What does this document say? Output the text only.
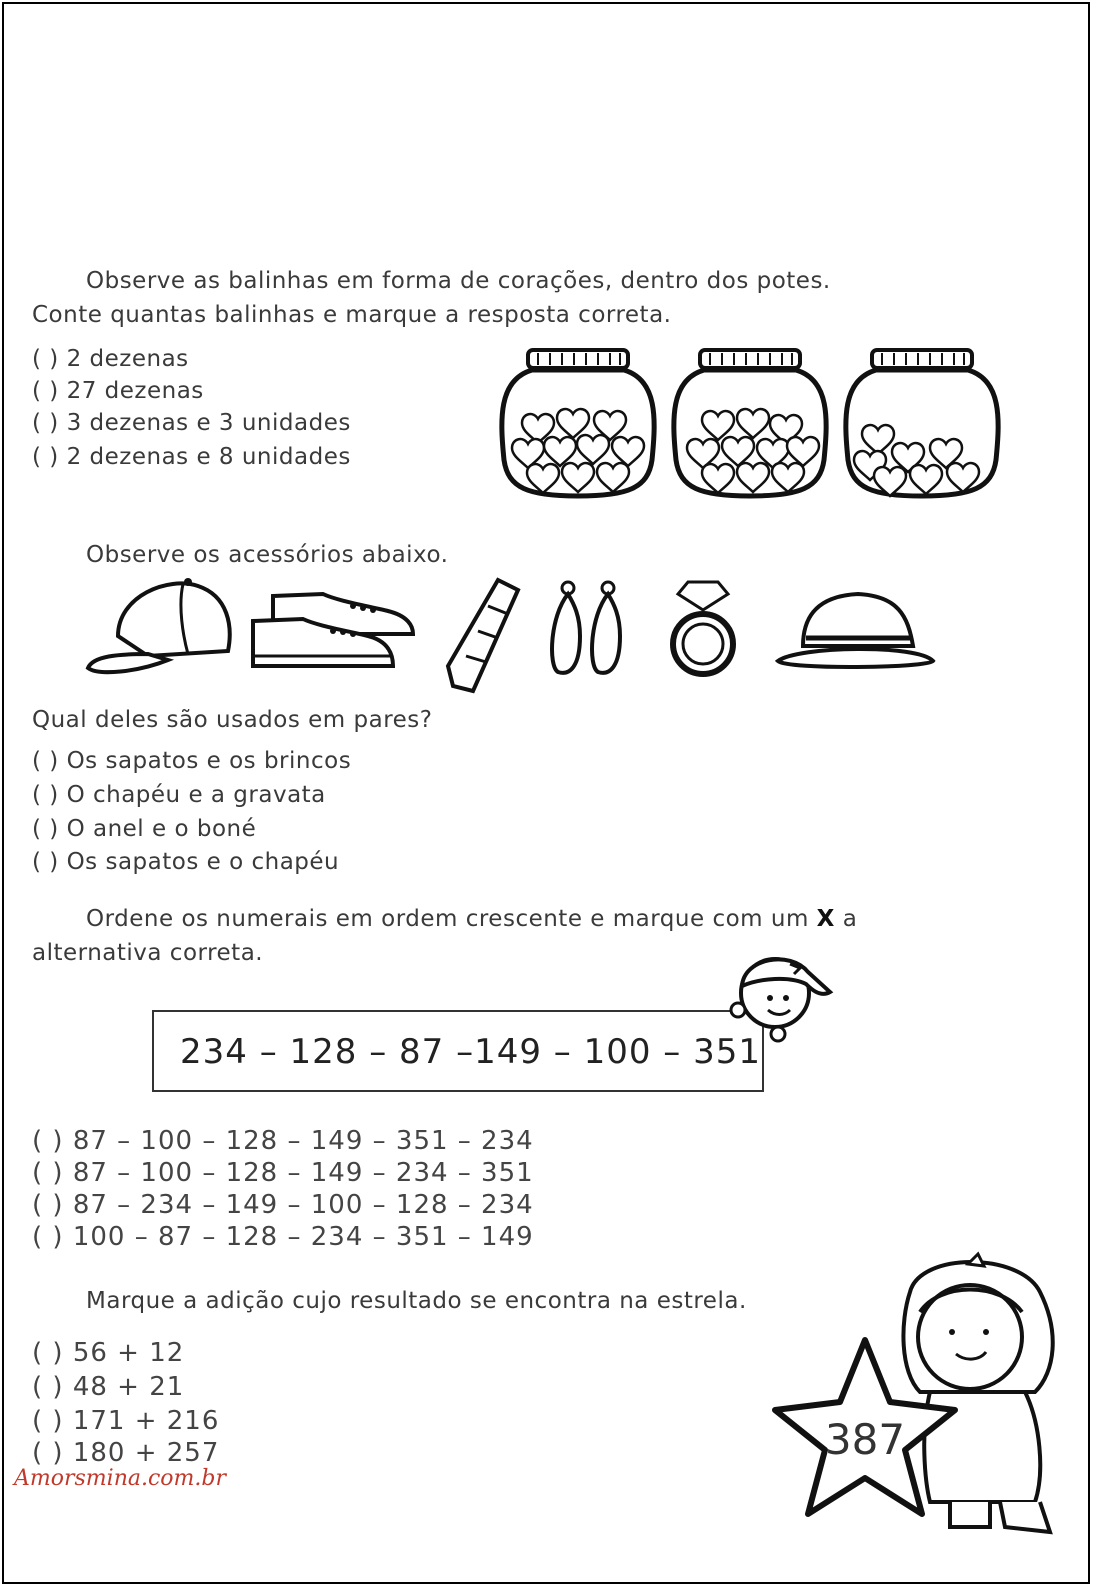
Observe as balinhas em forma de corações, dentro dos potes.
Conte quantas balinhas e marque a resposta correta.
( ) 2 dezenas
( ) 27 dezenas
( ) 3 dezenas e 3 unidades
( ) 2 dezenas e 8 unidades
Observe os acessórios abaixo.
Qual deles são usados em pares?
( ) Os sapatos e os brincos
( ) O chapéu e a gravata
( ) O anel e o boné
( ) Os sapatos e o chapéu
Ordene os numerais em ordem crescente e marque com um X a
alternativa correta.
234 – 128 – 87 –149 – 100 – 351
( ) 87 – 100 – 128 – 149 – 351 – 234
( ) 87 – 100 – 128 – 149 – 234 – 351
( ) 87 – 234 – 149 – 100 – 128 – 234
( ) 100 – 87 – 128 – 234 – 351 – 149
Marque a adição cujo resultado se encontra na estrela.
( ) 56 + 12
( ) 48 + 21
( ) 171 + 216
( ) 180 + 257	387
Amorsmina.com.br
